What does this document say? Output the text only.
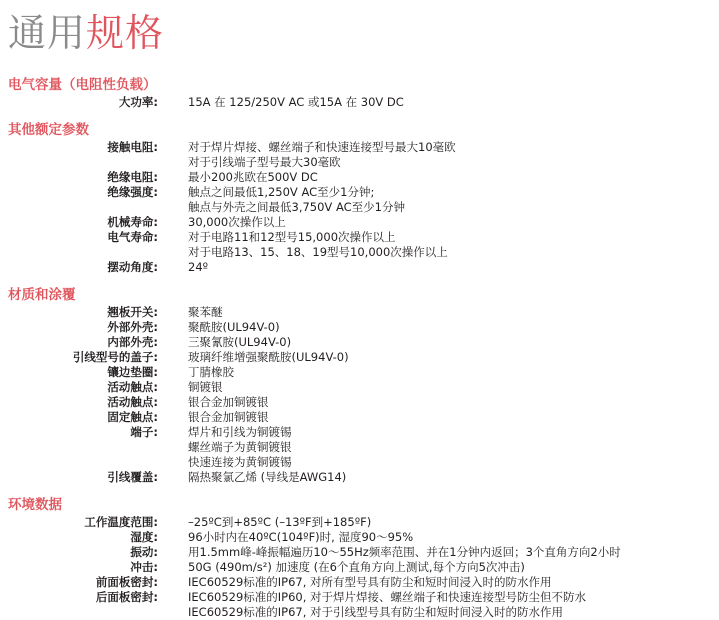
通用规格
电气容量（电阻性负载）
大功率:	15A 在 125/250V AC 或15A 在 30V DC
其他额定参数
接触电阻:	对于焊片焊接、螺丝端子和快速连接型号最大10毫欧
对于引线端子型号最大30毫欧
绝缘电阻:	最小200兆欧在500V DC
绝缘强度:	触点之间最低1,250V AC至少1分钟;
触点与外壳之间最低3,750V AC至少1分钟
机械寿命:	30,000次操作以上
电气寿命:	对于电路11和12型号15,000次操作以上
对于电路13、15、18、19型号10,000次操作以上
摆动角度:	24º
材质和涂覆
翘板开关:	聚苯醚
外部外壳:	聚酰胺(UL94V-0)
内部外壳:	三聚氰胺(UL94V-0)
引线型号的盖子:	玻璃纤维增强聚酰胺(UL94V-0)
镶边垫圈:	丁腈橡胶
活动触点:	铜镀银
活动触点:	银合金加铜镀银
固定触点:	银合金加铜镀银
端子:	焊片和引线为铜镀锡
螺丝端子为黄铜镀银
快速连接为黄铜镀锡
引线覆盖:	隔热聚氯乙烯 (导线是AWG14)
环境数据
工作温度范围:	–25ºC到+85ºC (–13ºF到+185ºF)
湿度:	96小时内在40ºC(104ºF)时, 湿度90～95%
振动:	用1.5mm峰-峰振幅遍历10～55Hz频率范围、并在1分钟内返回；3个直角方向2小时
冲击:	50G (490m/s²) 加速度 (在6个直角方向上测试,每个方向5次冲击)
前面板密封:	IEC60529标准的IP67, 对所有型号具有防尘和短时间浸入时的防水作用
后面板密封:	IEC60529标准的IP60, 对于焊片焊接、螺丝端子和快速连接型号防尘但不防水
IEC60529标准的IP67, 对于引线型号具有防尘和短时间浸入时的防水作用
